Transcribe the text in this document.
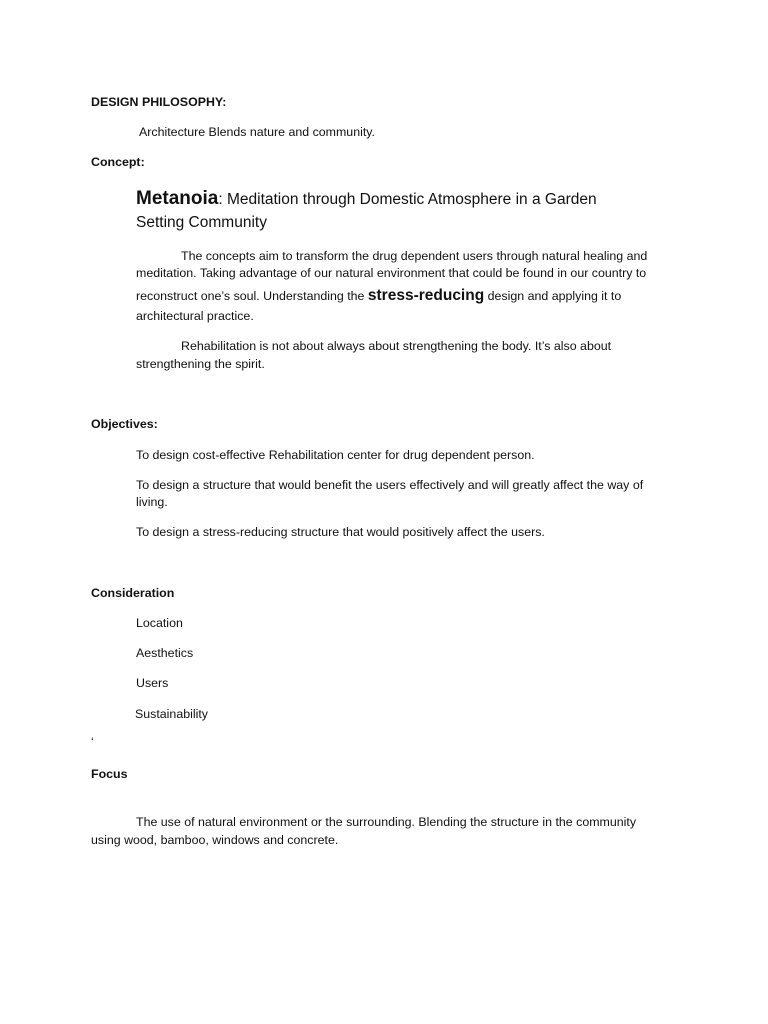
DESIGN PHILOSOPHY:

Architecture Blends nature and community.

Concept:

Metanoia: Meditation through Domestic Atmosphere in a Garden

Setting Community

The concepts aim to transform the drug dependent users through natural healing and

meditation. Taking advantage of our natural environment that could be found in our country to

reconstruct one’s soul. Understanding the stress-reducing design and applying it to

architectural practice.

Rehabilitation is not about always about strengthening the body. It’s also about

strengthening the spirit.

Objectives:

To design cost-effective Rehabilitation center for drug dependent person.

To design a structure that would benefit the users effectively and will greatly affect the way of

living.

To design a stress-reducing structure that would positively affect the users.

Consideration

Location

Aesthetics

Users

Sustainability

‘

Focus

The use of natural environment or the surrounding. Blending the structure in the community

using wood, bamboo, windows and concrete.
